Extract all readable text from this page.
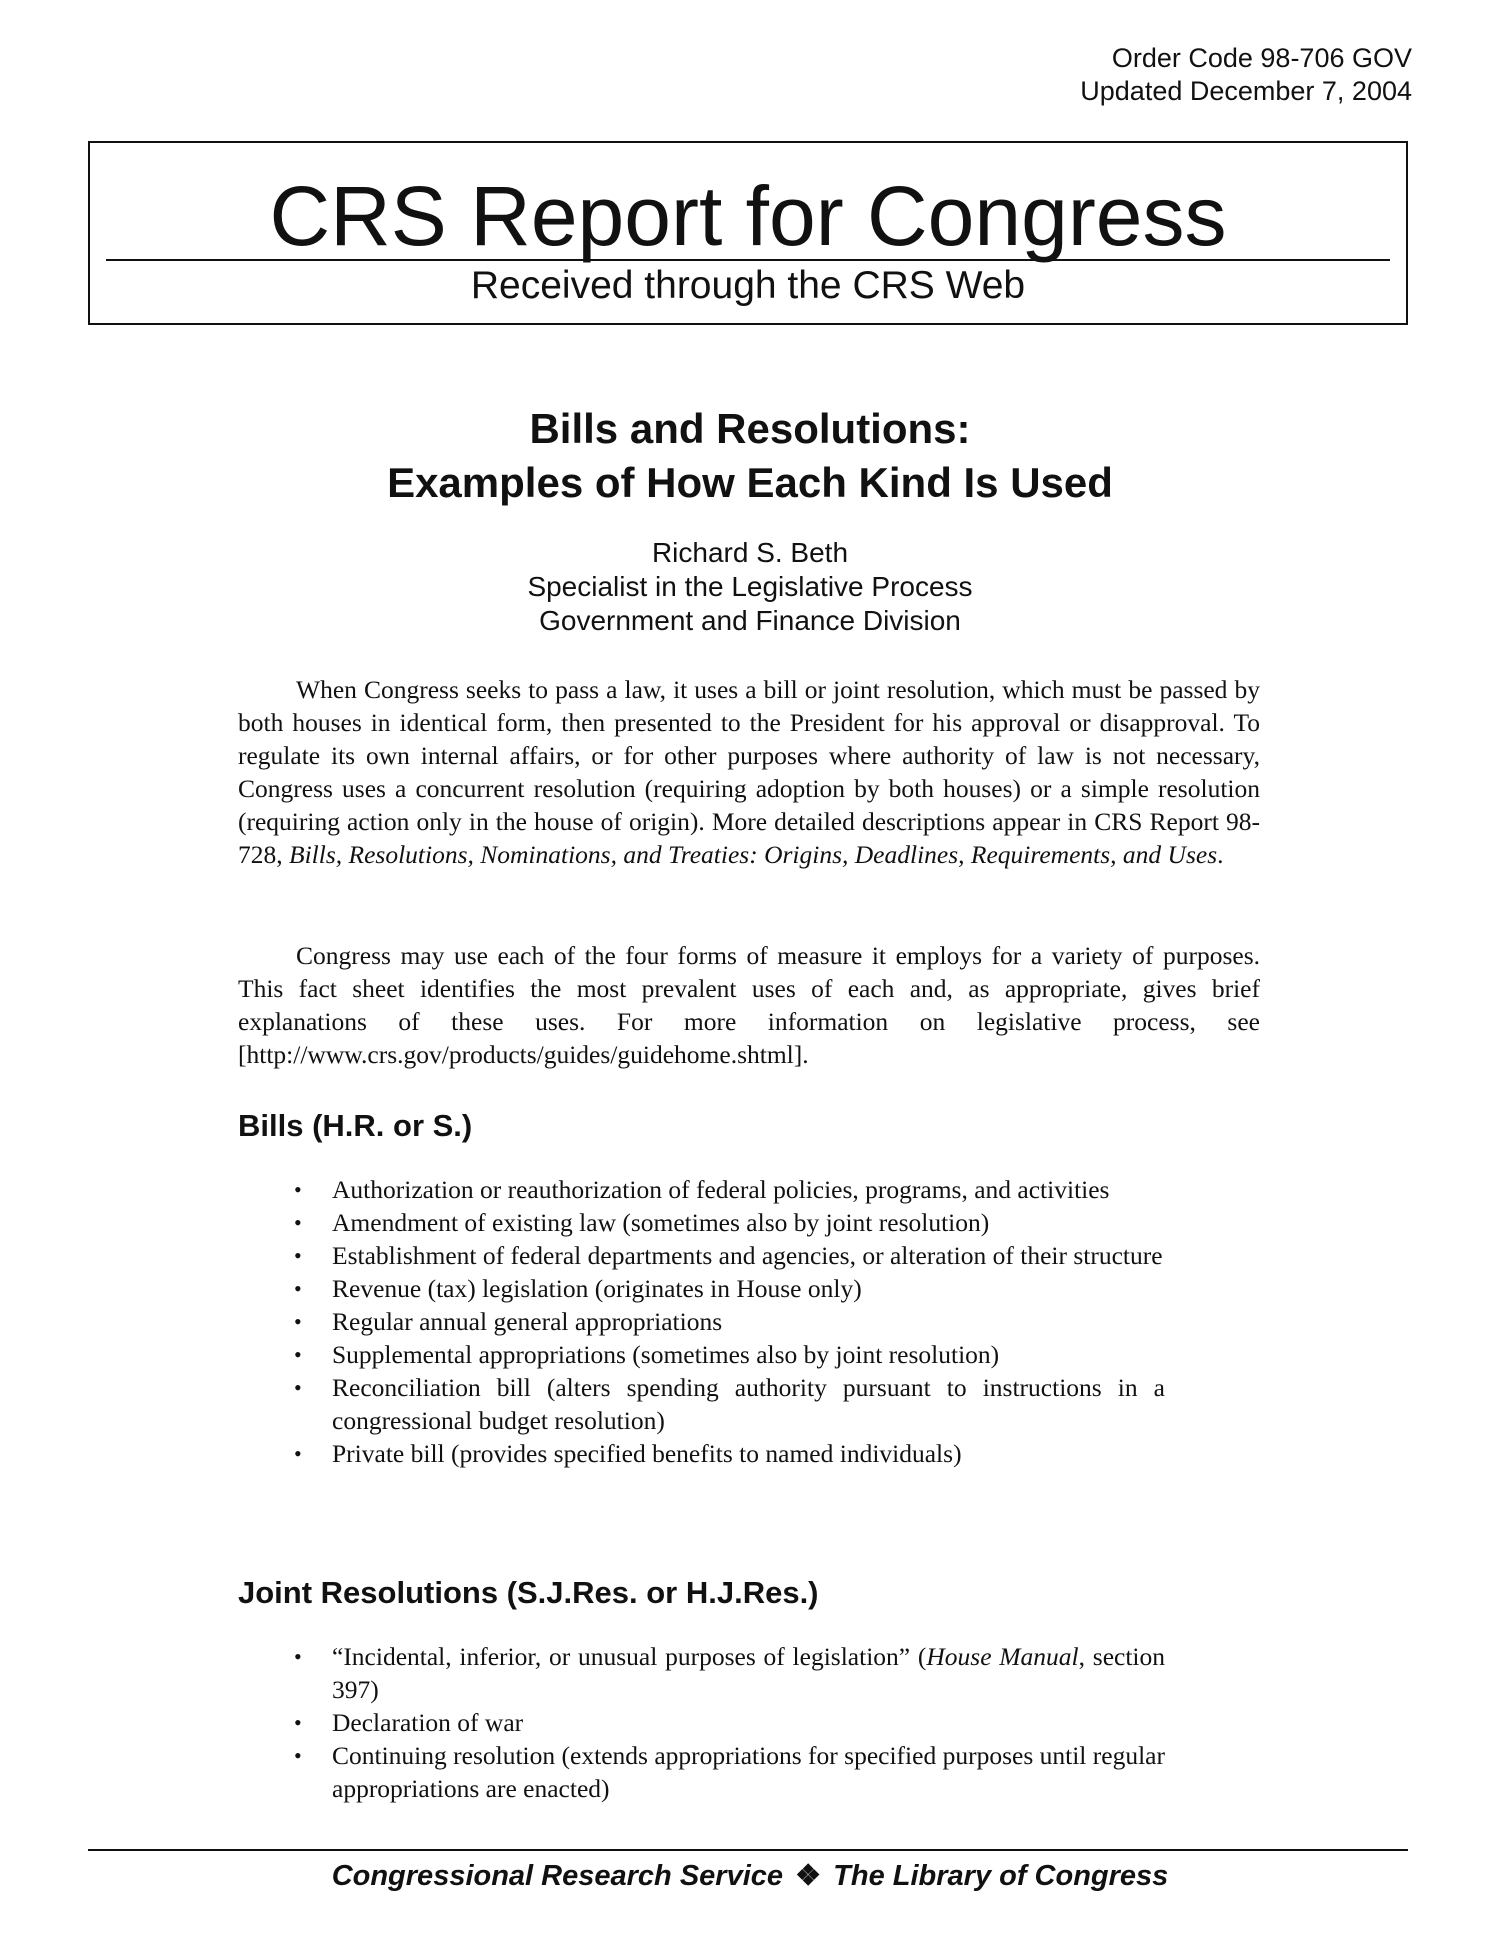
Order Code 98-706 GOV
Updated December 7, 2004
CRS Report for Congress
Received through the CRS Web
Bills and Resolutions:
Examples of How Each Kind Is Used
Richard S. Beth
Specialist in the Legislative Process
Government and Finance Division

When Congress seeks to pass a law, it uses a bill or joint resolution, which must be passed by both houses in identical form, then presented to the President for his approval or disapproval. To regulate its own internal affairs, or for other purposes where authority of law is not necessary, Congress uses a concurrent resolution (requiring adoption by both houses) or a simple resolution (requiring action only in the house of origin). More detailed descriptions appear in CRS Report 98-728, Bills, Resolutions, Nominations, and Treaties: Origins, Deadlines, Requirements, and Uses.

Congress may use each of the four forms of measure it employs for a variety of purposes. This fact sheet identifies the most prevalent uses of each and, as appropriate, gives brief explanations of these uses. For more information on legislative process, see [http://www.crs.gov/products/guides/guidehome.shtml].

Bills (H.R. or S.)
• Authorization or reauthorization of federal policies, programs, and activities
• Amendment of existing law (sometimes also by joint resolution)
• Establishment of federal departments and agencies, or alteration of their structure
• Revenue (tax) legislation (originates in House only)
• Regular annual general appropriations
• Supplemental appropriations (sometimes also by joint resolution)
• Reconciliation bill (alters spending authority pursuant to instructions in a congressional budget resolution)
• Private bill (provides specified benefits to named individuals)
Joint Resolutions (S.J.Res. or H.J.Res.)
• “Incidental, inferior, or unusual purposes of legislation” (House Manual, section 397)
• Declaration of war
• Continuing resolution (extends appropriations for specified purposes until regular appropriations are enacted)
Congressional Research Service ❖ The Library of Congress
